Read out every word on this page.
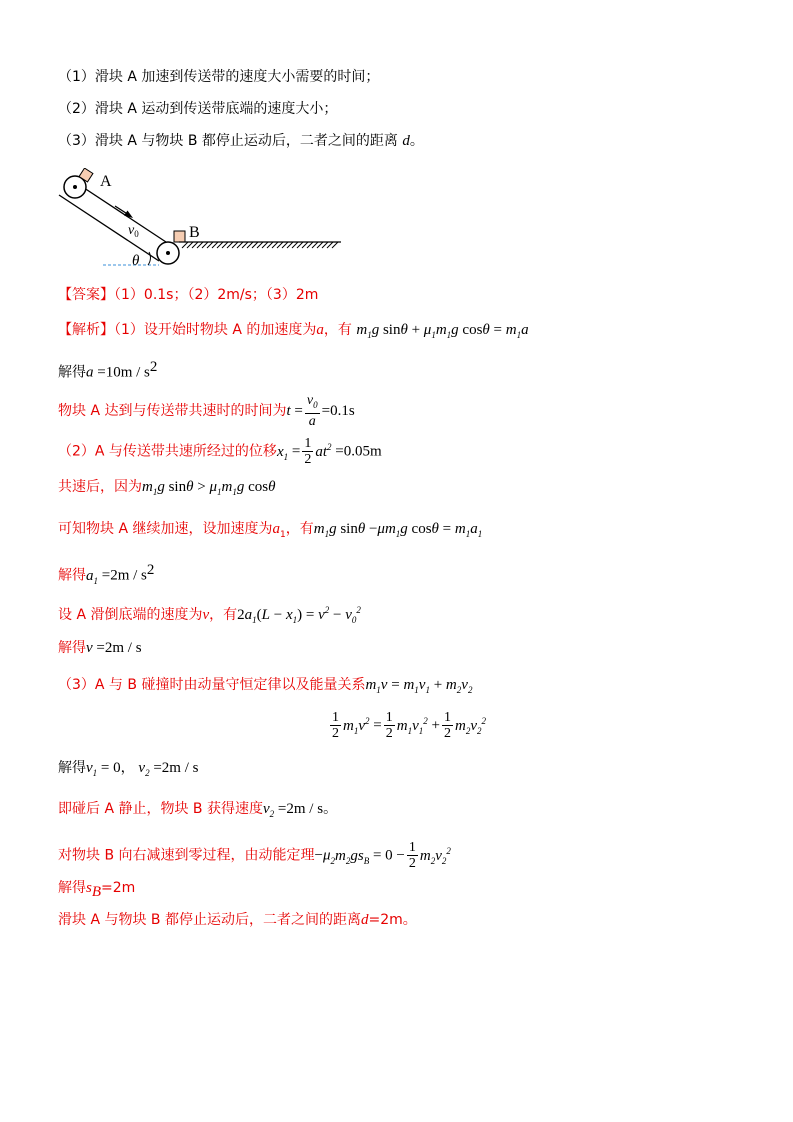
（1）滑块 A 加速到传送带的速度大小需要的时间；
（2）滑块 A 运动到传送带底端的速度大小；
（3）滑块 A 与物块 B 都停止运动后，二者之间的距离 d。
A
B
$v_0$
θ
【答案】（1）0.1s；（2）2m/s；（3）2m
【解析】（1）设开始时物块 A 的加速度为a，有 $m_1g$ $\sin\theta + \mu_1m_1g$ $\cos\theta = m_1a$
解得$a =10m / s^2$
物块 A 达到与传送带共速时的时间为$t = \frac{v_0}{a} =0.1s$
（2）A 与传送带共速所经过的位移$x_1 = \frac{1}{2} at^2 =0.05m$
共速后，因为$m_1g$ $\sin\theta > \mu_1m_1g$ cosθ
可知物块 A 继续加速，设加速度为$a_1$，有$m_1g$ $\sin\theta -\mu m_1g$ $\cos\theta = m_1a_1$
解得$a_1 =2m / s^2$
设 A 滑倒底端的速度为v，有$2a_1(L - x_1) = v^2 - v_0^2$
解得v =2m / s
（3）A 与 B 碰撞时由动量守恒定律以及能量关系$m_1v = m_1v_1 + m_2v_2$
$\frac{1}{2} m_1v^2 = \frac{1}{2} m_1v_1^2 + \frac{1}{2} m_2v_2^2$
解得$v_1 = 0$， $v_2 =2m / s$
即碰后 A 静止，物块 B 获得速度$v_2 =2m / s$。
对物块 B 向右减速到零过程，由动能定理$-\mu_2m_2gs_B = 0 - \frac{1}{2} m_2v_2^2$
解得$s_B=2m$
滑块 A 与物块 B 都停止运动后，二者之间的距离d=2m。
